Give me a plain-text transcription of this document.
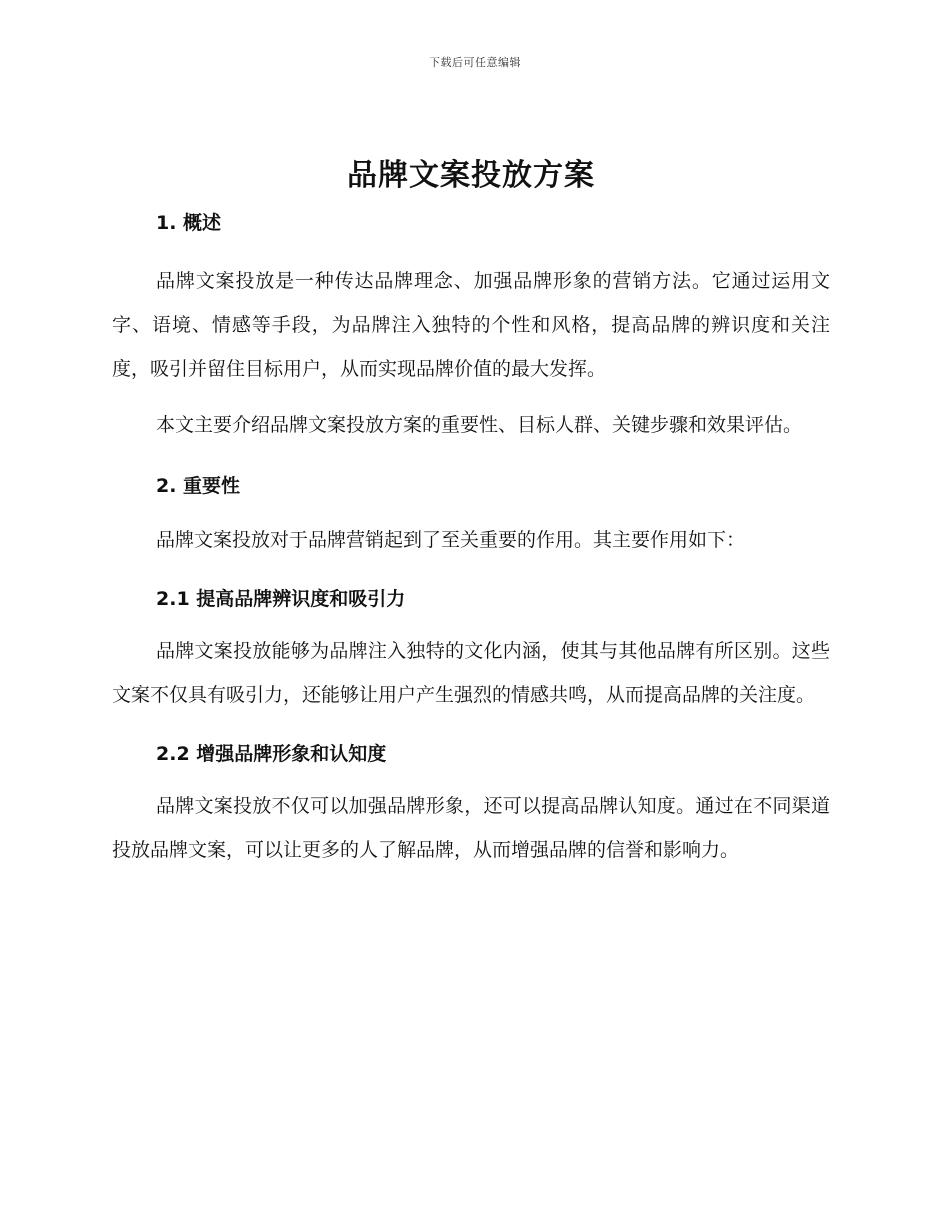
下载后可任意编辑
品牌文案投放方案
1. 概述

品牌文案投放是一种传达品牌理念、加强品牌形象的营销方法。它通过运用文字、语境、情感等手段，为品牌注入独特的个性和风格，提高品牌的辨识度和关注度，吸引并留住目标用户，从而实现品牌价值的最大发挥。

本文主要介绍品牌文案投放方案的重要性、目标人群、关键步骤和效果评估。

2. 重要性

品牌文案投放对于品牌营销起到了至关重要的作用。其主要作用如下：

2.1 提高品牌辨识度和吸引力

品牌文案投放能够为品牌注入独特的文化内涵，使其与其他品牌有所区别。这些文案不仅具有吸引力，还能够让用户产生强烈的情感共鸣，从而提高品牌的关注度。

2.2 增强品牌形象和认知度

品牌文案投放不仅可以加强品牌形象，还可以提高品牌认知度。通过在不同渠道投放品牌文案，可以让更多的人了解品牌，从而增强品牌的信誉和影响力。
